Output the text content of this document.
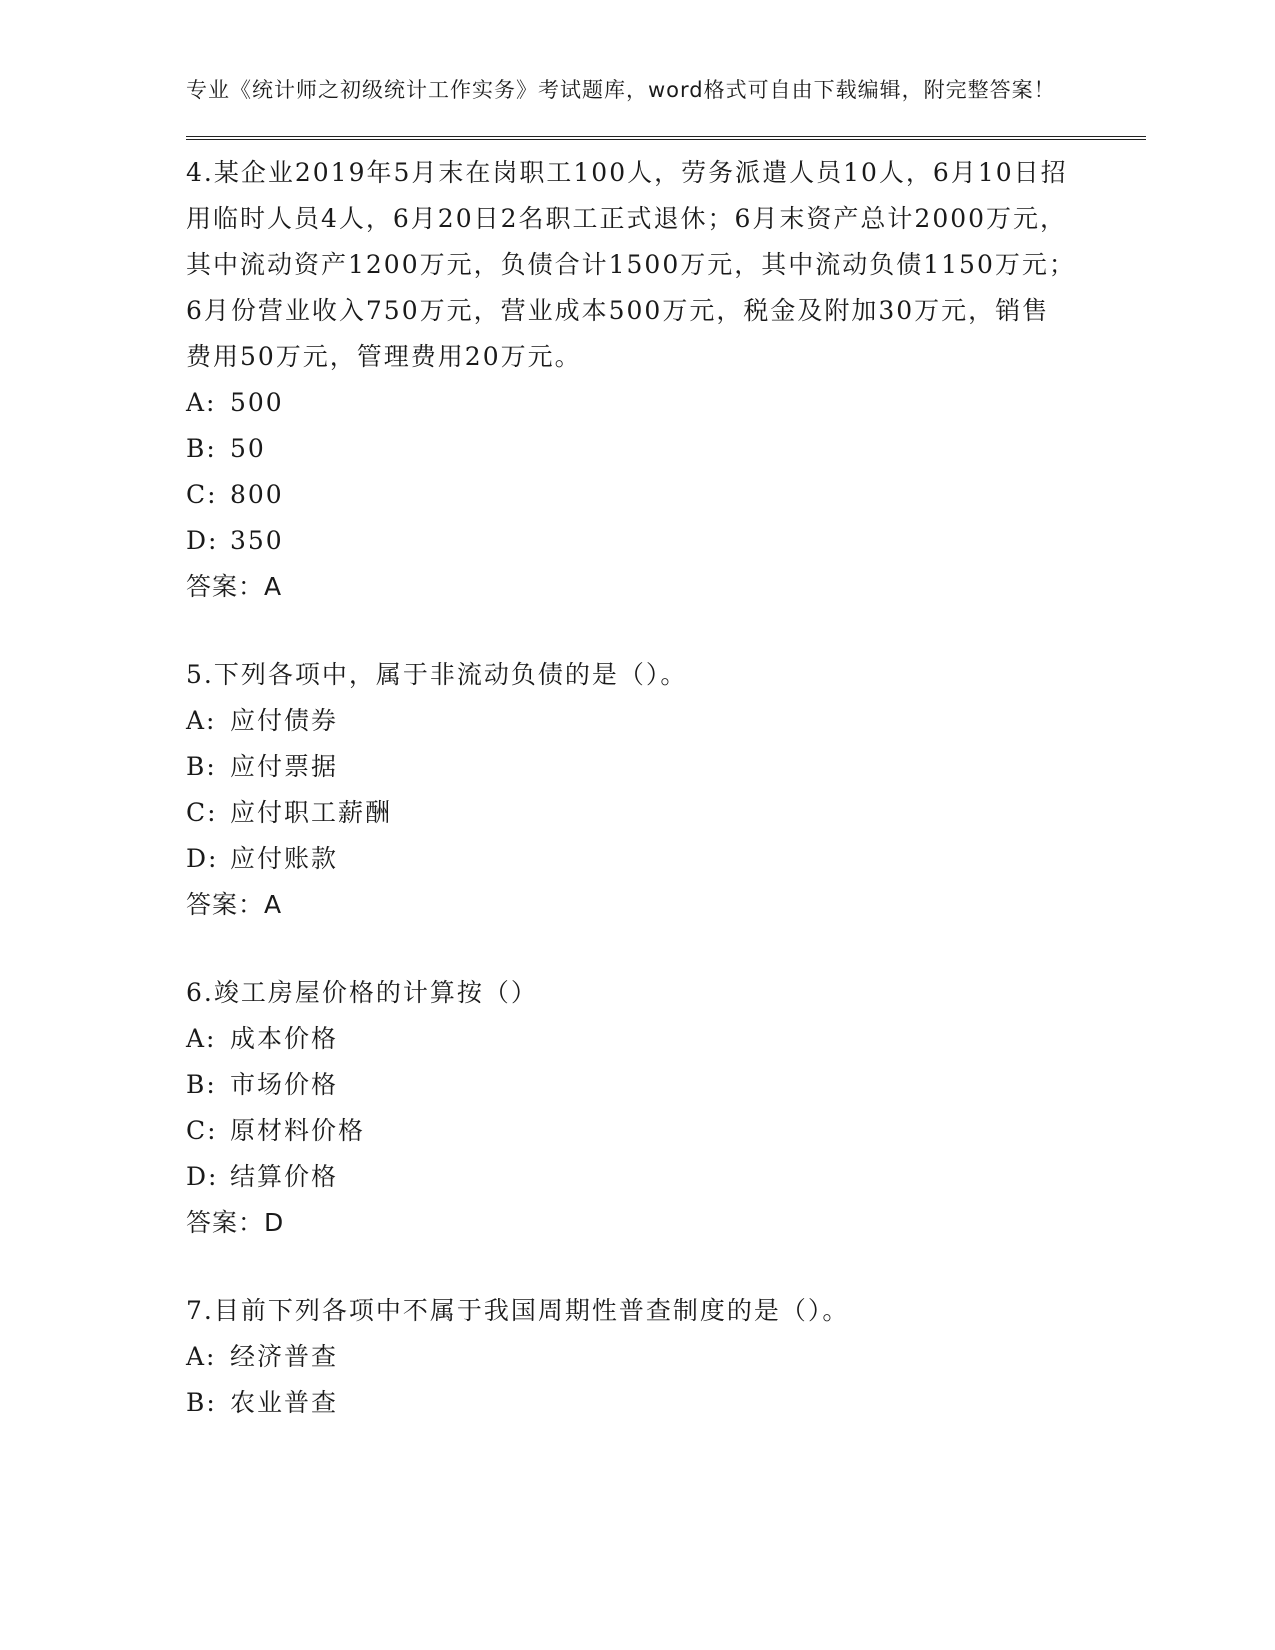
专业《统计师之初级统计工作实务》考试题库，word格式可自由下载编辑，附完整答案！
4.某企业2019年5月末在岗职工100人，劳务派遣人员10人，6月10日招用临时人员4人，6月20日2名职工正式退休；6月末资产总计2000万元，其中流动资产1200万元，负债合计1500万元，其中流动负债1150万元；6月份营业收入750万元，营业成本500万元，税金及附加30万元，销售费用50万元，管理费用20万元。
A: 500
B: 50
C: 800
D: 350
答案：A
5.下列各项中，属于非流动负债的是（）。
A: 应付债券
B: 应付票据
C: 应付职工薪酬
D: 应付账款
答案：A
6.竣工房屋价格的计算按（）
A: 成本价格
B: 市场价格
C: 原材料价格
D: 结算价格
答案：D
7.目前下列各项中不属于我国周期性普查制度的是（）。
A: 经济普查
B: 农业普查
